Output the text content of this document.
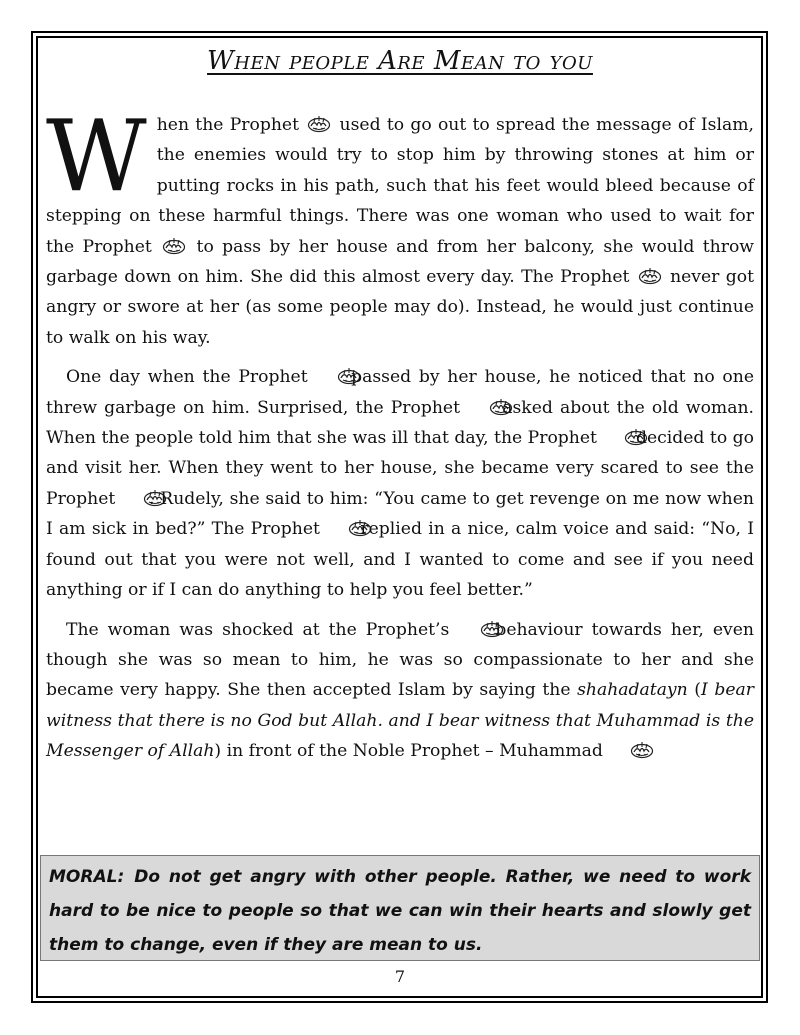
When people Are Mean to you

When the Prophet used to go out to spread the message of Islam, the enemies would try to stop him by throwing stones at him or putting rocks in his path, such that his feet would bleed because of stepping on these harmful things. There was one woman who used to wait for the Prophet	to pass by her house and from her balcony, she would throw garbage down on him. She did this almost every day. The Prophet never got angry or swore at her (as some people may do). Instead, he would just continue to walk on his way.

One day when the Prophet	passed by her house, he noticed that no one threw garbage on him. Surprised, the Prophet asked about the old woman. When the people told him that she was ill that day, the Prophet decided to go and visit her. When they went to her house, she became very scared to see the Prophet . Rudely, she said to him: “You came to get revenge on me now when I am sick in bed?” The Prophet replied in a nice, calm voice and said: “No, I found out that you were not well, and I wanted to come and see if you need anything or if I can do anything to help you feel better.”

The woman was shocked at the Prophet’s	behaviour towards her, even though she was so mean to him, he was so compassionate to her and she became very happy. She then accepted Islam by saying the shahadatayn (I bear witness that there is no God but Allah. and I bear witness that Muhammad is the Messenger of Allah) in front of the Noble Prophet – Muhammad .

MORAL: Do not get angry with other people. Rather, we need to work hard to be nice to people so that we can win their hearts and slowly get them to change, even if they are mean to us.
7
